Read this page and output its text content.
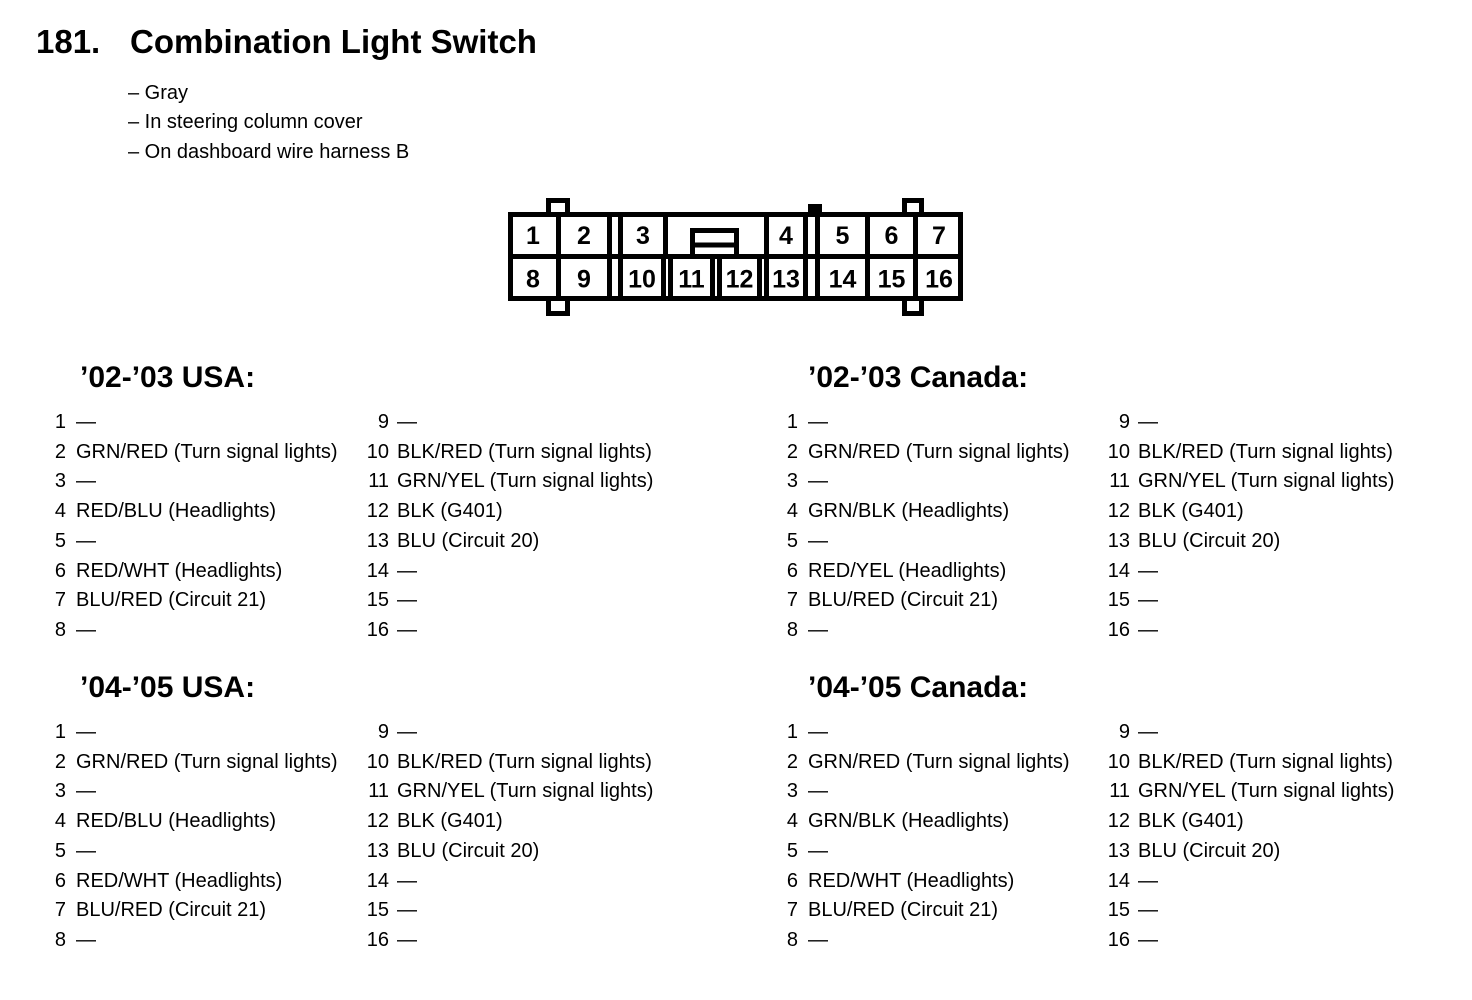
181. Combination Light Switch
– Gray
– In steering column cover
– On dashboard wire harness B
1 2 3	4 5 6 7
8 9 10 11 12 13 14 15 16
’02-’03 USA:
1 —
2 GRN/RED (Turn signal lights)
3 —
4 RED/BLU (Headlights)
5 —
6 RED/WHT (Headlights)
7 BLU/RED (Circuit 21)
8 —
9 —
10 BLK/RED (Turn signal lights)
11 GRN/YEL (Turn signal lights)
12 BLK (G401)
13 BLU (Circuit 20)
14 —
15 —
16 —
’02-’03 Canada:
1 —
2 GRN/RED (Turn signal lights)
3 —
4 GRN/BLK (Headlights)
5 —
6 RED/YEL (Headlights)
7 BLU/RED (Circuit 21)
8 —
9 —
10 BLK/RED (Turn signal lights)
11 GRN/YEL (Turn signal lights)
12 BLK (G401)
13 BLU (Circuit 20)
14 —
15 —
16 —
’04-’05 USA:
1 —
2 GRN/RED (Turn signal lights)
3 —
4 RED/BLU (Headlights)
5 —
6 RED/WHT (Headlights)
7 BLU/RED (Circuit 21)
8 —
9 —
10 BLK/RED (Turn signal lights)
11 GRN/YEL (Turn signal lights)
12 BLK (G401)
13 BLU (Circuit 20)
14 —
15 —
16 —
’04-’05 Canada:
1 —
2 GRN/RED (Turn signal lights)
3 —
4 GRN/BLK (Headlights)
5 —
6 RED/WHT (Headlights)
7 BLU/RED (Circuit 21)
8 —
9 —
10 BLK/RED (Turn signal lights)
11 GRN/YEL (Turn signal lights)
12 BLK (G401)
13 BLU (Circuit 20)
14 —
15 —
16 —
